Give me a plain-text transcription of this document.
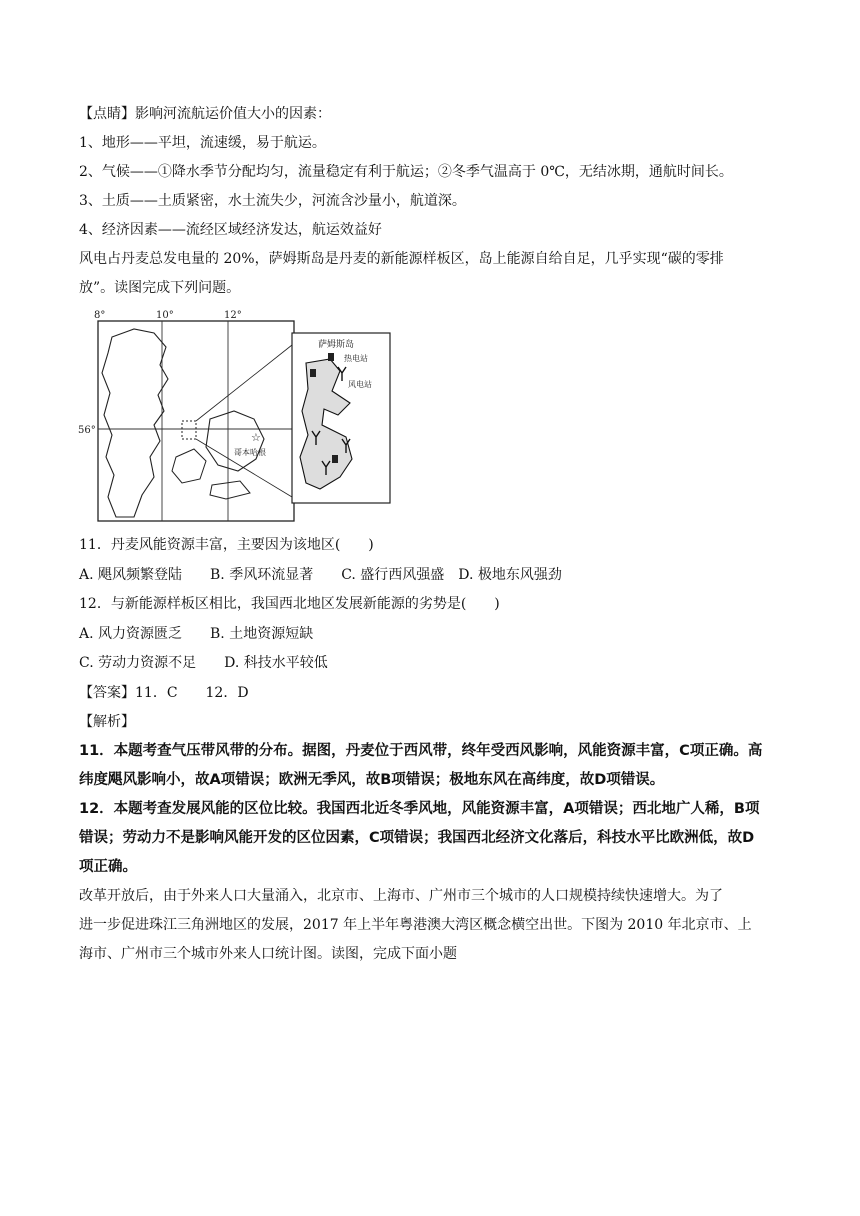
【点睛】影响河流航运价值大小的因素：
1、地形——平坦，流速缓，易于航运。
2、气候——①降水季节分配均匀，流量稳定有利于航运；②冬季气温高于 0℃，无结冰期，通航时间长。
3、土质——土质紧密，水土流失少，河流含沙量小，航道深。
4、经济因素——流经区域经济发达，航运效益好
风电占丹麦总发电量的 20%，萨姆斯岛是丹麦的新能源样板区，岛上能源自给自足，几乎实现“碳的零排
放”。读图完成下列问题。
8°	10°	12°
56°
☆
哥本哈根
萨姆斯岛
热电站
风电站
11．丹麦风能资源丰富，主要因为该地区(　　)
A. 飓风频繁登陆　　B. 季风环流显著　　C. 盛行西风强盛　D. 极地东风强劲
12．与新能源样板区相比，我国西北地区发展新能源的劣势是(　　)
A. 风力资源匮乏　　B. 土地资源短缺
C. 劳动力资源不足　　D. 科技水平较低
【答案】11．C　　12．D
【解析】
11．本题考查气压带风带的分布。据图，丹麦位于西风带，终年受西风影响，风能资源丰富，C项正确。高
纬度飓风影响小，故A项错误；欧洲无季风，故B项错误；极地东风在高纬度，故D项错误。
12．本题考查发展风能的区位比较。我国西北近冬季风地，风能资源丰富，A项错误；西北地广人稀，B项
错误；劳动力不是影响风能开发的区位因素，C项错误；我国西北经济文化落后，科技水平比欧洲低，故D
项正确。
改革开放后，由于外来人口大量涌入，北京市、上海市、广州市三个城市的人口规模持续快速增大。为了
进一步促进珠江三角洲地区的发展，2017 年上半年粤港澳大湾区概念横空出世。下图为 2010 年北京市、上
海市、广州市三个城市外来人口统计图。读图，完成下面小题
